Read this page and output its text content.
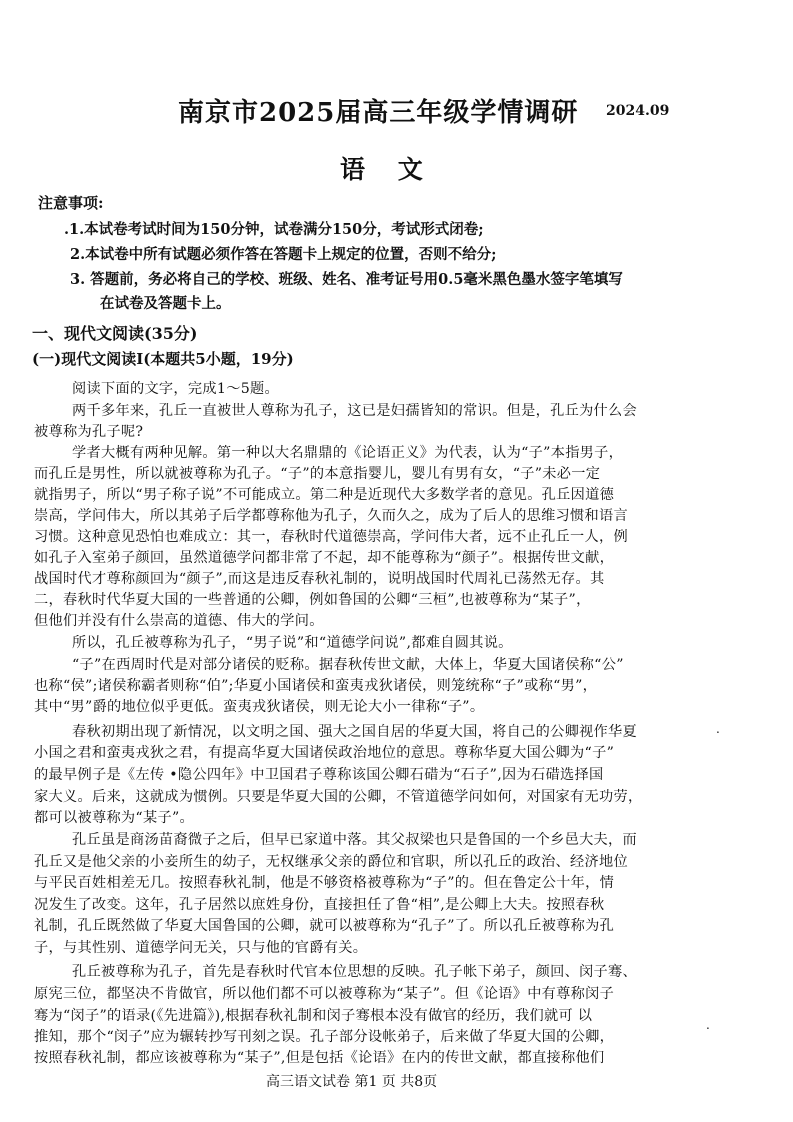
南京市2025届高三年级学情调研 2024.09
语 文
注意事项:
.1.本试卷考试时间为150分钟，试卷满分150分，考试形式闭卷;
2.本试卷中所有试题必须作答在答题卡上规定的位置，否则不给分;
3. 答题前，务必将自己的学校、班级、姓名、准考证号用0.5毫米黑色墨水签字笔填写
在试卷及答题卡上。
一、现代文阅读(35分)
(一)现代文阅读I(本题共5小题，19分)
阅读下面的文字，完成1～5题。
两千多年来，孔丘一直被世人尊称为孔子，这已是妇孺皆知的常识。但是，孔丘为什么会
被尊称为孔子呢?
学者大概有两种见解。第一种以大名鼎鼎的《论语正义》为代表，认为“子”本指男子，
而孔丘是男性，所以就被尊称为孔子。“子”的本意指婴儿，婴儿有男有女，“子”未必一定
就指男子，所以“男子称子说”不可能成立。第二种是近现代大多数学者的意见。孔丘因道德
崇高，学问伟大，所以其弟子后学都尊称他为孔子，久而久之，成为了后人的思维习惯和语言
习惯。这种意见恐怕也难成立：其一，春秋时代道德崇高，学问伟大者，远不止孔丘一人，例
如孔子入室弟子颜回，虽然道德学问都非常了不起，却不能尊称为“颜子”。根据传世文献，
战国时代才尊称颜回为“颜子”,而这是违反春秋礼制的，说明战国时代周礼已荡然无存。其
二，春秋时代华夏大国的一些普通的公卿，例如鲁国的公卿“三桓”,也被尊称为“某子”，
但他们并没有什么崇高的道德、伟大的学问。
所以，孔丘被尊称为孔子，“男子说”和“道德学问说”,都难自圆其说。
“子”在西周时代是对部分诸侯的贬称。据春秋传世文献，大体上，华夏大国诸侯称“公”
也称“侯”;诸侯称霸者则称“伯”;华夏小国诸侯和蛮夷戎狄诸侯，则笼统称“子”或称“男”，
其中“男”爵的地位似乎更低。蛮夷戎狄诸侯，则无论大小一律称“子”。
春秋初期出现了新情况，以文明之国、强大之国自居的华夏大国，将自己的公卿视作华夏
小国之君和蛮夷戎狄之君，有提高华夏大国诸侯政治地位的意思。尊称华夏大国公卿为“子”
的最早例子是《左传 •隐公四年》中卫国君子尊称该国公卿石碏为“石子”,因为石碏选择国
家大义。后来，这就成为惯例。只要是华夏大国的公卿，不管道德学问如何，对国家有无功劳，
都可以被尊称为“某子”。
孔丘虽是商汤苗裔微子之后，但早已家道中落。其父叔梁也只是鲁国的一个乡邑大夫，而
孔丘又是他父亲的小妾所生的幼子，无权继承父亲的爵位和官职，所以孔丘的政治、经济地位
与平民百姓相差无几。按照春秋礼制，他是不够资格被尊称为“子”的。但在鲁定公十年，情
况发生了改变。这年，孔子居然以庶姓身份，直接担任了鲁“相”,是公卿上大夫。按照春秋
礼制，孔丘既然做了华夏大国鲁国的公卿，就可以被尊称为“孔子”了。所以孔丘被尊称为孔
子，与其性别、道德学问无关，只与他的官爵有关。
孔丘被尊称为孔子，首先是春秋时代官本位思想的反映。孔子帐下弟子，颜回、闵子骞、
原宪三位，都坚决不肯做官，所以他们都不可以被尊称为“某子”。但《论语》中有尊称闵子
骞为“闵子”的语录(《先进篇》),根据春秋礼制和闵子骞根本没有做官的经历，我们就可 以
推知，那个“闵子”应为辗转抄写刊刻之误。孔子部分设帐弟子，后来做了华夏大国的公卿，
按照春秋礼制，都应该被尊称为“某子”,但是包括《论语》在内的传世文献，都直接称他们
.
.
高三语文试卷 第1 页 共8页
